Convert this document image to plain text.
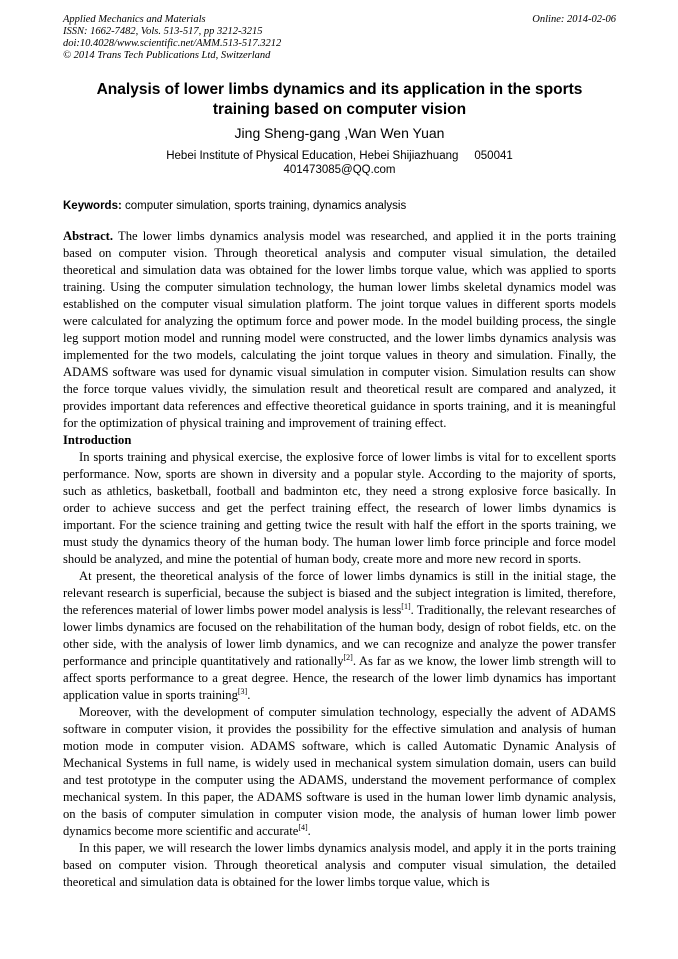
Applied Mechanics and Materials
ISSN: 1662-7482, Vols. 513-517, pp 3212-3215
doi:10.4028/www.scientific.net/AMM.513-517.3212
© 2014 Trans Tech Publications Ltd, Switzerland
Online: 2014-02-06
Analysis of lower limbs dynamics and its application in the sports
training based on computer vision
Jing Sheng-gang ,Wan Wen Yuan
Hebei Institute of Physical Education, Hebei Shijiazhuang 050041
401473085@QQ.com
Keywords: computer simulation, sports training, dynamics analysis

Abstract. The lower limbs dynamics analysis model was researched, and applied it in the ports training based on computer vision. Through theoretical analysis and computer visual simulation, the detailed theoretical and simulation data was obtained for the lower limbs torque value, which was applied to sports training. Using the computer simulation technology, the human lower limbs skeletal dynamics model was established on the computer visual simulation platform. The joint torque values in different sports models were calculated for analyzing the optimum force and power mode. In the model building process, the single leg support motion model and running model were constructed, and the lower limbs dynamics analysis was implemented for the two models, calculating the joint torque values in theory and simulation. Finally, the ADAMS software was used for dynamic visual simulation in computer vision. Simulation results can show the force torque values vividly, the simulation result and theoretical result are compared and analyzed, it provides important data references and effective theoretical guidance in sports training, and it is meaningful for the optimization of physical training and improvement of training effect.

Introduction

In sports training and physical exercise, the explosive force of lower limbs is vital for to excellent sports performance. Now, sports are shown in diversity and a popular style. According to the majority of sports, such as athletics, basketball, football and badminton etc, they need a strong explosive force basically. In order to achieve success and get the perfect training effect, the research of lower limbs dynamics is important. For the science training and getting twice the result with half the effort in the sports training, we must study the dynamics theory of the human body. The human lower limb force principle and force model should be analyzed, and mine the potential of human body, create more and more new record in sports.

At present, the theoretical analysis of the force of lower limbs dynamics is still in the initial stage, the relevant research is superficial, because the subject is biased and the subject integration is limited, therefore, the references material of lower limbs power model analysis is less[1]. Traditionally, the relevant researches of lower limbs dynamics are focused on the rehabilitation of the human body, design of robot fields, etc. on the other side, with the analysis of lower limb dynamics, and we can recognize and analyze the power transfer performance and principle quantitatively and rationally[2]. As far as we know, the lower limb strength will to affect sports performance to a great degree. Hence, the research of the lower limb dynamics has important application value in sports training[3].

Moreover, with the development of computer simulation technology, especially the advent of ADAMS software in computer vision, it provides the possibility for the effective simulation and analysis of human motion mode in computer vision. ADAMS software, which is called Automatic Dynamic Analysis of Mechanical Systems in full name, is widely used in mechanical system simulation domain, users can build and test prototype in the computer using the ADAMS, understand the movement performance of complex mechanical system. In this paper, the ADAMS software is used in the human lower limb dynamic analysis, on the basis of computer simulation in computer vision mode, the analysis of human lower limb power dynamics become more scientific and accurate[4].

In this paper, we will research the lower limbs dynamics analysis model, and apply it in the ports training based on computer vision. Through theoretical analysis and computer visual simulation, the detailed theoretical and simulation data is obtained for the lower limbs torque value, which is
